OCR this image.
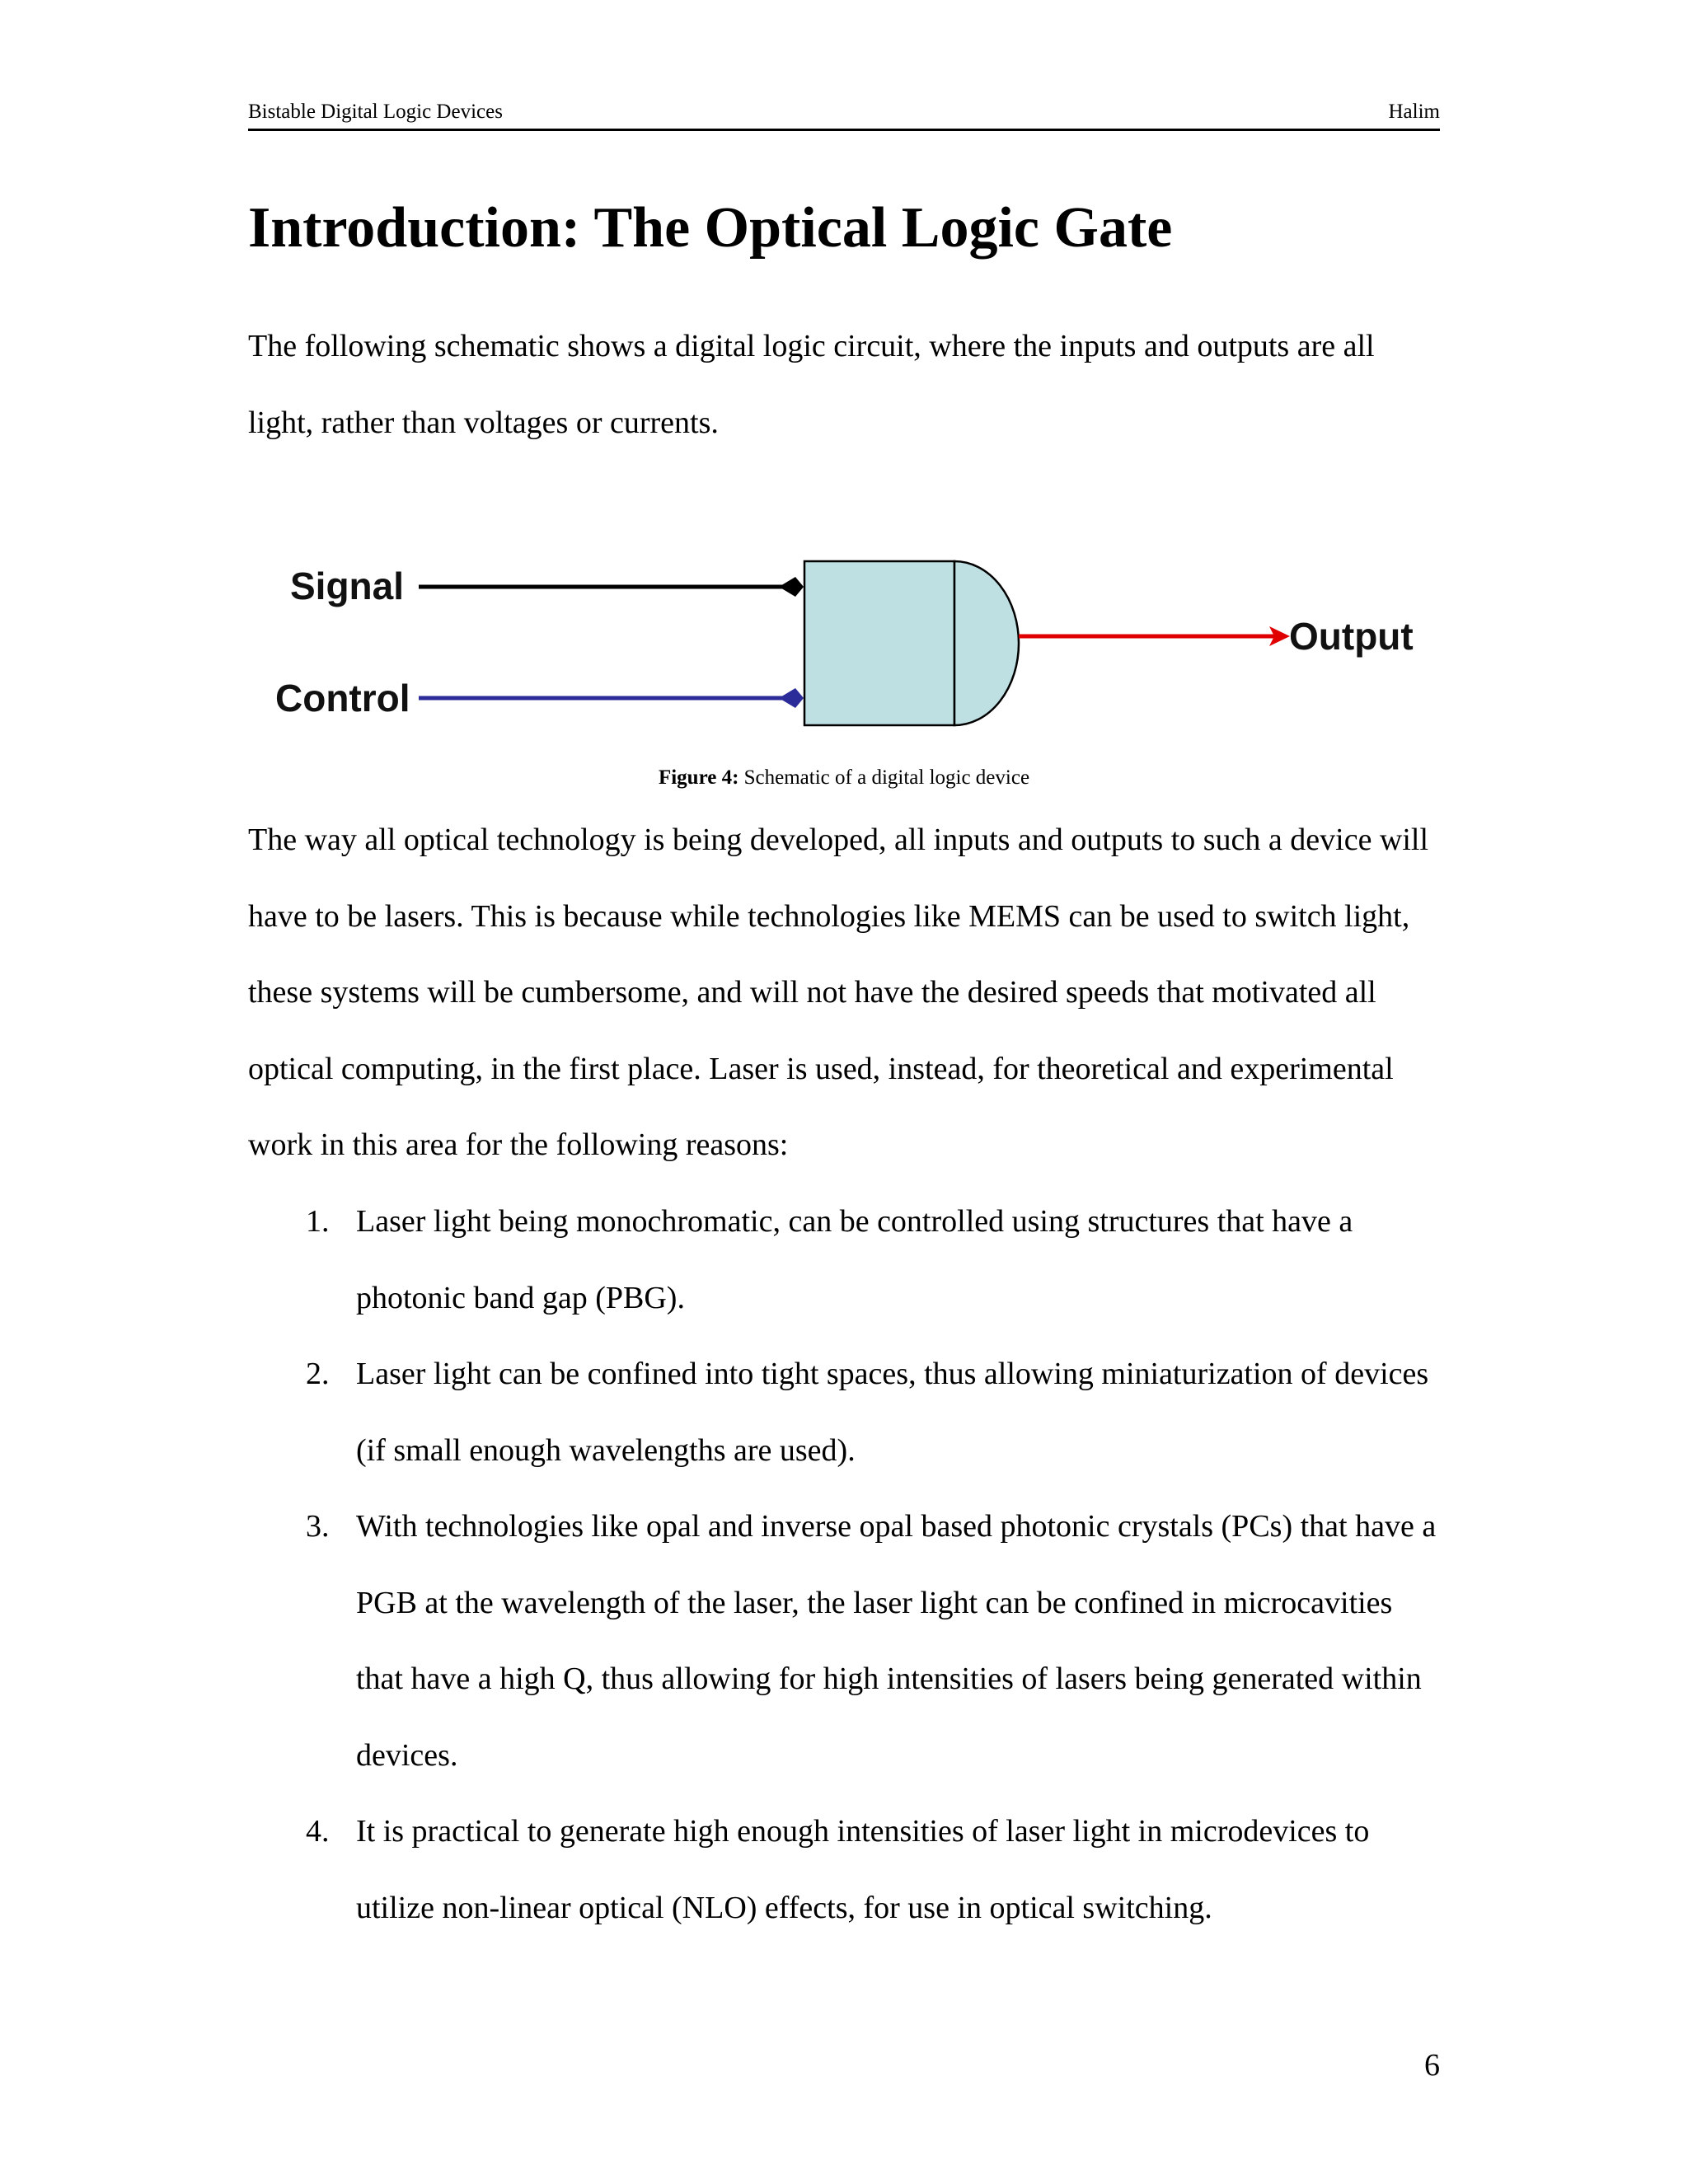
Bistable Digital Logic Devices	Halim
Introduction: The Optical Logic Gate

The following schematic shows a digital logic circuit, where the inputs and outputs are all light, rather than voltages or currents.

Signal
Control
Output

Figure 4: Schematic of a digital logic device

The way all optical technology is being developed, all inputs and outputs to such a device will have to be lasers. This is because while technologies like MEMS can be used to switch light, these systems will be cumbersome, and will not have the desired speeds that motivated all optical computing, in the first place. Laser is used, instead, for theoretical and experimental work in this area for the following reasons:

1. Laser light being monochromatic, can be controlled using structures that have a photonic band gap (PBG).
2. Laser light can be confined into tight spaces, thus allowing miniaturization of devices (if small enough wavelengths are used).
3. With technologies like opal and inverse opal based photonic crystals (PCs) that have a PGB at the wavelength of the laser, the laser light can be confined in microcavities that have a high Q, thus allowing for high intensities of lasers being generated within devices.
4. It is practical to generate high enough intensities of laser light in microdevices to utilize non-linear optical (NLO) effects, for use in optical switching.
6
